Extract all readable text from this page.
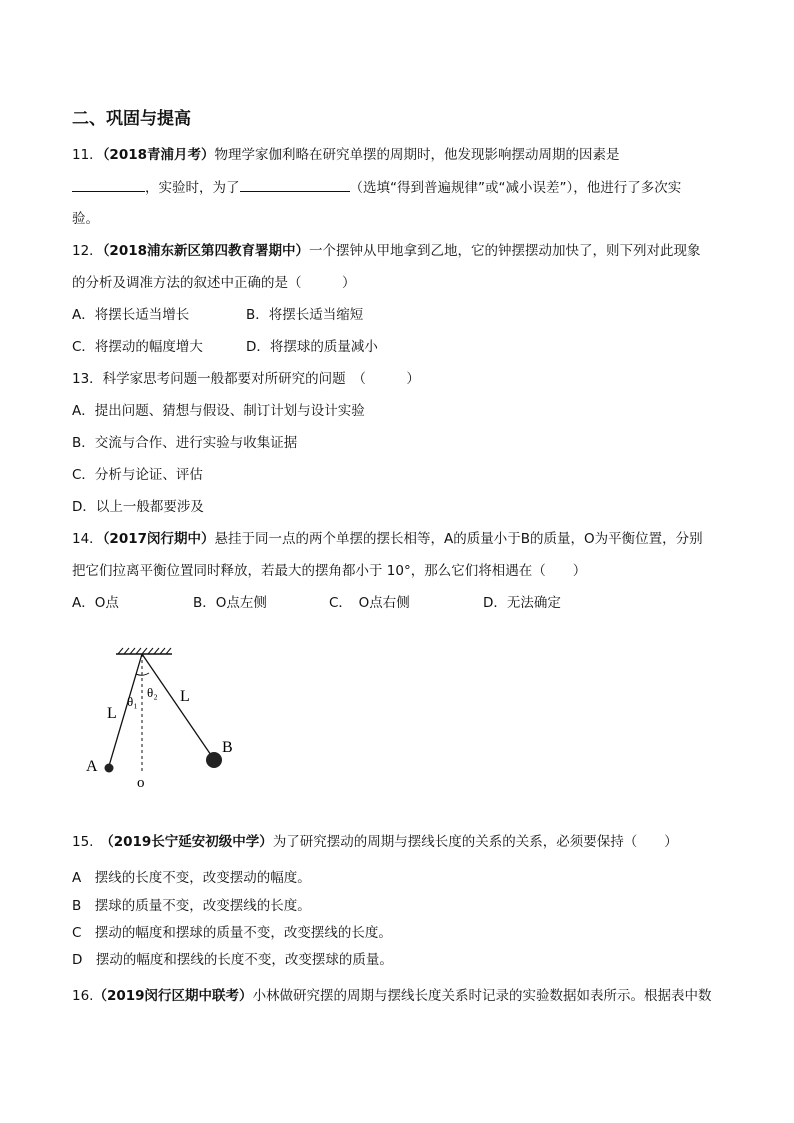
二、巩固与提高
11．（2018青浦月考）物理学家伽利略在研究单摆的周期时，他发现影响摆动周期的因素是
，实验时，为了	（选填“得到普遍规律”或“减小误差”），他进行了多次实
验。
12．（2018浦东新区第四教育署期中）一个摆钟从甲地拿到乙地，它的钟摆摆动加快了，则下列对此现象
的分析及调准方法的叙述中正确的是（　　　）
A．将摆长适当增长	B．将摆长适当缩短
C．将摆动的幅度增大	D．将摆球的质量减小
13．科学家思考问题一般都要对所研究的问题　（　　　）
A．提出问题、猜想与假设、制订计划与设计实验
B．交流与合作、进行实验与收集证据
C．分析与论证、评估
D．以上一般都要涉及
14．（2017闵行期中）悬挂于同一点的两个单摆的摆长相等，A的质量小于B的质量，O为平衡位置，分别
把它们拉离平衡位置同时释放，若最大的摆角都小于 10°，那么它们将相遇在（　　）
A．O点	B．O点左侧	C．　O点右侧	D．无法确定
A
B
L
L
θ₁
θ₂
o
15.　（2019长宁延安初级中学）为了研究摆动的周期与摆线长度的关系的关系，必须要保持（　　）
A　摆线的长度不变，改变摆动的幅度。
B　摆球的质量不变，改变摆线的长度。
C　摆动的幅度和摆球的质量不变，改变摆线的长度。
D　摆动的幅度和摆线的长度不变，改变摆球的质量。
16.（2019闵行区期中联考）小林做研究摆的周期与摆线长度关系时记录的实验数据如表所示。根据表中数
